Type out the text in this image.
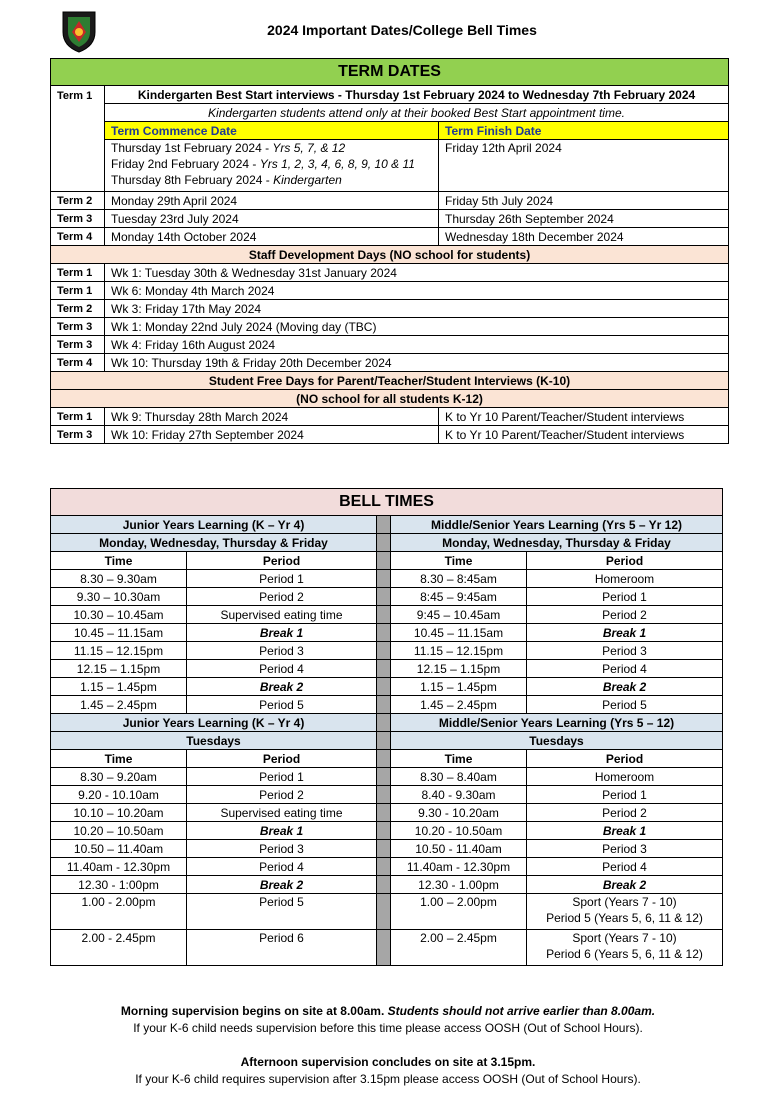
2024 Important Dates/College Bell Times
TERM DATES		
Term 1	Kindergarten Best Start interviews - Thursday 1st February 2024 to Wednesday 7th February 2024	
	Kindergarten students attend only at their booked Best Start appointment time.	
	Term Commence Date	Term Finish Date

	Thursday 1st February 2024 - Yrs 5, 7, & 12
Friday 2nd February 2024 - Yrs 1, 2, 3, 4, 6, 8, 9, 10 & 11
Thursday 8th February 2024 - Kindergarten	Friday 12th April 2024
Term 2	Monday 29th April 2024	Friday 5th July 2024
Term 3	Tuesday 23rd July 2024	Thursday 26th September 2024
Term 4	Monday 14th October 2024	Wednesday 18th December 2024
Staff Development Days (NO school for students)		
Term 1	Wk 1: Tuesday 30th & Wednesday 31st January 2024	
Term 1	Wk 6: Monday 4th March 2024	
Term 2	Wk 3: Friday 17th May 2024	
Term 3	Wk 1: Monday 22nd July 2024 (Moving day (TBC)	
Term 3	Wk 4: Friday 16th August 2024	
Term 4	Wk 10: Thursday 19th & Friday 20th December 2024	
Student Free Days for Parent/Teacher/Student Interviews (K-10)		
(NO school for all students K-12)		
Term 1	Wk 9: Thursday 28th March 2024	K to Yr 10 Parent/Teacher/Student interviews
Term 3	Wk 10: Friday 27th September 2024	K to Yr 10 Parent/Teacher/Student interviews
BELL TIMES				
Junior Years Learning (K – Yr 4)			Middle/Senior Years Learning (Yrs 5 – Yr 12)	
Monday, Wednesday, Thursday & Friday			Monday, Wednesday, Thursday & Friday	
Time	Period		Time	Period
8.30 – 9.30am	Period 1		8.30 – 8:45am	Homeroom
9.30 – 10.30am	Period 2		8:45 – 9:45am	Period 1
10.30 – 10.45am	Supervised eating time		9:45 – 10.45am	Period 2
10.45 – 11.15am	Break 1		10.45 – 11.15am	Break 1
11.15 – 12.15pm	Period 3		11.15 – 12.15pm	Period 3
12.15 – 1.15pm	Period 4		12.15 – 1.15pm	Period 4
1.15 – 1.45pm	Break 2		1.15 – 1.45pm	Break 2
1.45 – 2.45pm	Period 5		1.45 – 2.45pm	Period 5
Junior Years Learning (K – Yr 4)			Middle/Senior Years Learning (Yrs 5 – 12)	
Tuesdays			Tuesdays	
Time	Period		Time	Period
8.30 – 9.20am	Period 1		8.30 – 8.40am	Homeroom
9.20 - 10.10am	Period 2		8.40 - 9.30am	Period 1
10.10 – 10.20am	Supervised eating time		9.30 - 10.20am	Period 2
10.20 – 10.50am	Break 1		10.20 - 10.50am	Break 1
10.50 – 11.40am	Period 3		10.50 - 11.40am	Period 3
11.40am - 12.30pm	Period 4		11.40am - 12.30pm	Period 4
12.30 - 1:00pm	Break 2		12.30 - 1.00pm	Break 2
1.00 - 2.00pm	Period 5		1.00 – 2.00pm	Sport (Years 7 - 10)
Period 5 (Years 5, 6, 11 & 12)

2.00 - 2.45pm	Period 6		2.00 – 2.45pm	Sport (Years 7 - 10)
Period 6 (Years 5, 6, 11 & 12)
Morning supervision begins on site at 8.00am. Students should not arrive earlier than 8.00am.
If your K-6 child needs supervision before this time please access OOSH (Out of School Hours).
Afternoon supervision concludes on site at 3.15pm.
If your K-6 child requires supervision after 3.15pm please access OOSH (Out of School Hours).
